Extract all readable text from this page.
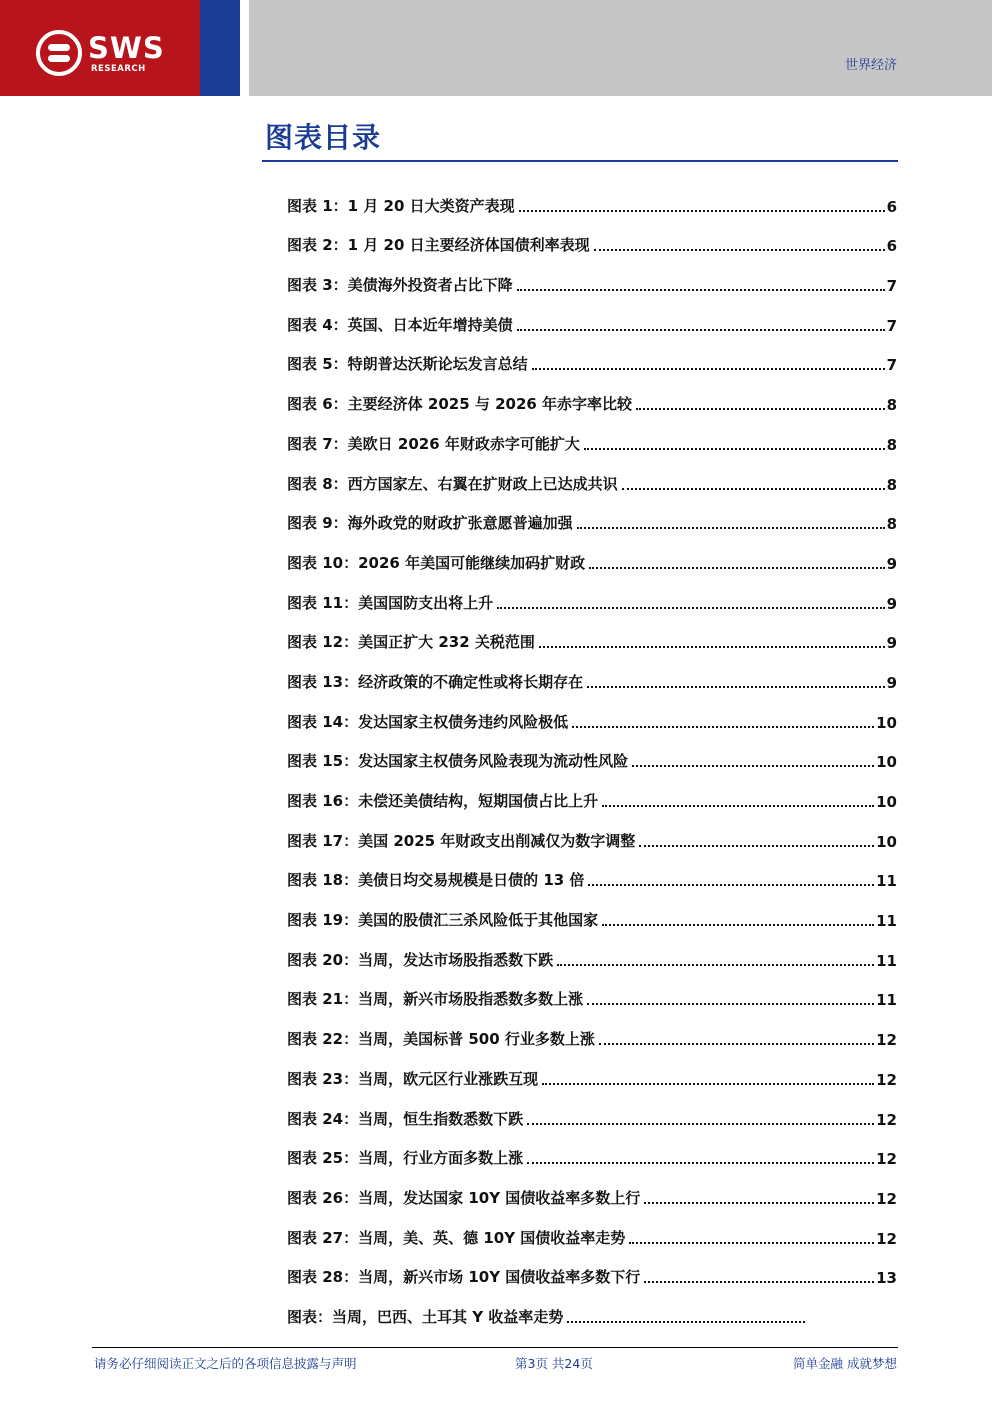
SWS
RESEARCH	世界经济
图表目录
图表 1：1 月 20 日大类资产表现	6
图表 2：1 月 20 日主要经济体国债利率表现	6
图表 3：美债海外投资者占比下降	7
图表 4：英国、日本近年增持美债	7
图表 5：特朗普达沃斯论坛发言总结	7
图表 6：主要经济体 2025 与 2026 年赤字率比较	8
图表 7：美欧日 2026 年财政赤字可能扩大	8
图表 8：西方国家左、右翼在扩财政上已达成共识	8
图表 9：海外政党的财政扩张意愿普遍加强	8
图表 10：2026 年美国可能继续加码扩财政	9
图表 11：美国国防支出将上升	9
图表 12：美国正扩大 232 关税范围	9
图表 13：经济政策的不确定性或将长期存在	9
图表 14：发达国家主权债务违约风险极低	10
图表 15：发达国家主权债务风险表现为流动性风险	10
图表 16：未偿还美债结构，短期国债占比上升	10
图表 17：美国 2025 年财政支出削减仅为数字调整	10
图表 18：美债日均交易规模是日债的 13 倍	11
图表 19：美国的股债汇三杀风险低于其他国家	11
图表 20：当周，发达市场股指悉数下跌	11
图表 21：当周，新兴市场股指悉数多数上涨	11
图表 22：当周，美国标普 500 行业多数上涨	12
图表 23：当周，欧元区行业涨跌互现	12
图表 24：当周，恒生指数悉数下跌	12
图表 25：当周，行业方面多数上涨	12
图表 26：当周，发达国家 10Y 国债收益率多数上行	12
图表 27：当周，美、英、德 10Y 国债收益率走势	12
图表 28：当周，新兴市场 10Y 国债收益率多数下行	13
图表：当周，巴西、土耳其 Y 收益率走势
请务必仔细阅读正文之后的各项信息披露与声明	第3页 共24页	简单金融 成就梦想
